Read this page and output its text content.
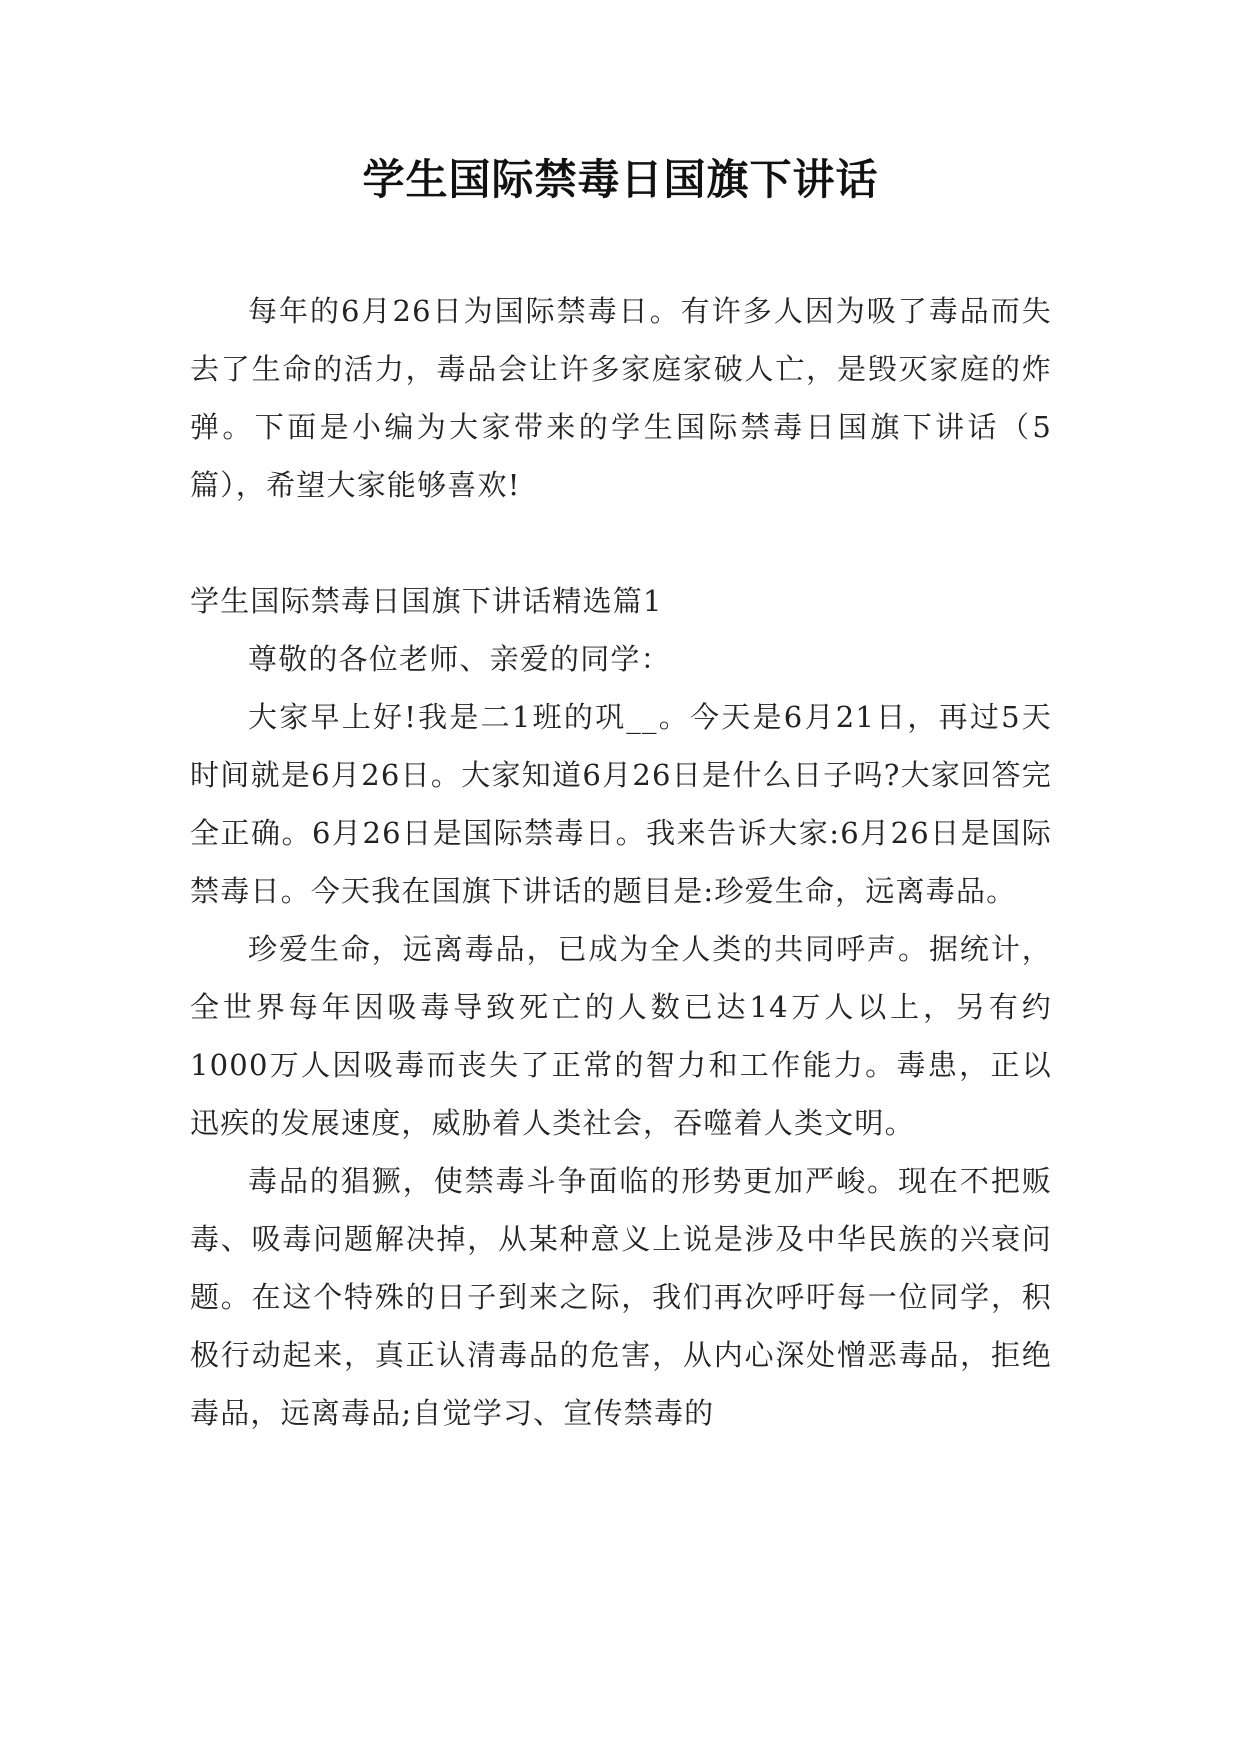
学生国际禁毒日国旗下讲话

每年的6月26日为国际禁毒日。有许多人因为吸了毒品而失去了生命的活力，毒品会让许多家庭家破人亡，是毁灭家庭的炸弹。下面是小编为大家带来的学生国际禁毒日国旗下讲话（5篇），希望大家能够喜欢!

学生国际禁毒日国旗下讲话精选篇1

尊敬的各位老师、亲爱的同学：

大家早上好!我是二1班的巩__。今天是6月21日，再过5天时间就是6月26日。大家知道6月26日是什么日子吗?大家回答完全正确。6月26日是国际禁毒日。我来告诉大家:6月26日是国际禁毒日。今天我在国旗下讲话的题目是:珍爱生命，远离毒品。

珍爱生命，远离毒品，已成为全人类的共同呼声。据统计，全世界每年因吸毒导致死亡的人数已达14万人以上，另有约1000万人因吸毒而丧失了正常的智力和工作能力。毒患，正以迅疾的发展速度，威胁着人类社会，吞噬着人类文明。

毒品的猖獗，使禁毒斗争面临的形势更加严峻。现在不把贩毒、吸毒问题解决掉，从某种意义上说是涉及中华民族的兴衰问题。在这个特殊的日子到来之际，我们再次呼吁每一位同学，积极行动起来，真正认清毒品的危害，从内心深处憎恶毒品，拒绝毒品，远离毒品;自觉学习、宣传禁毒的
